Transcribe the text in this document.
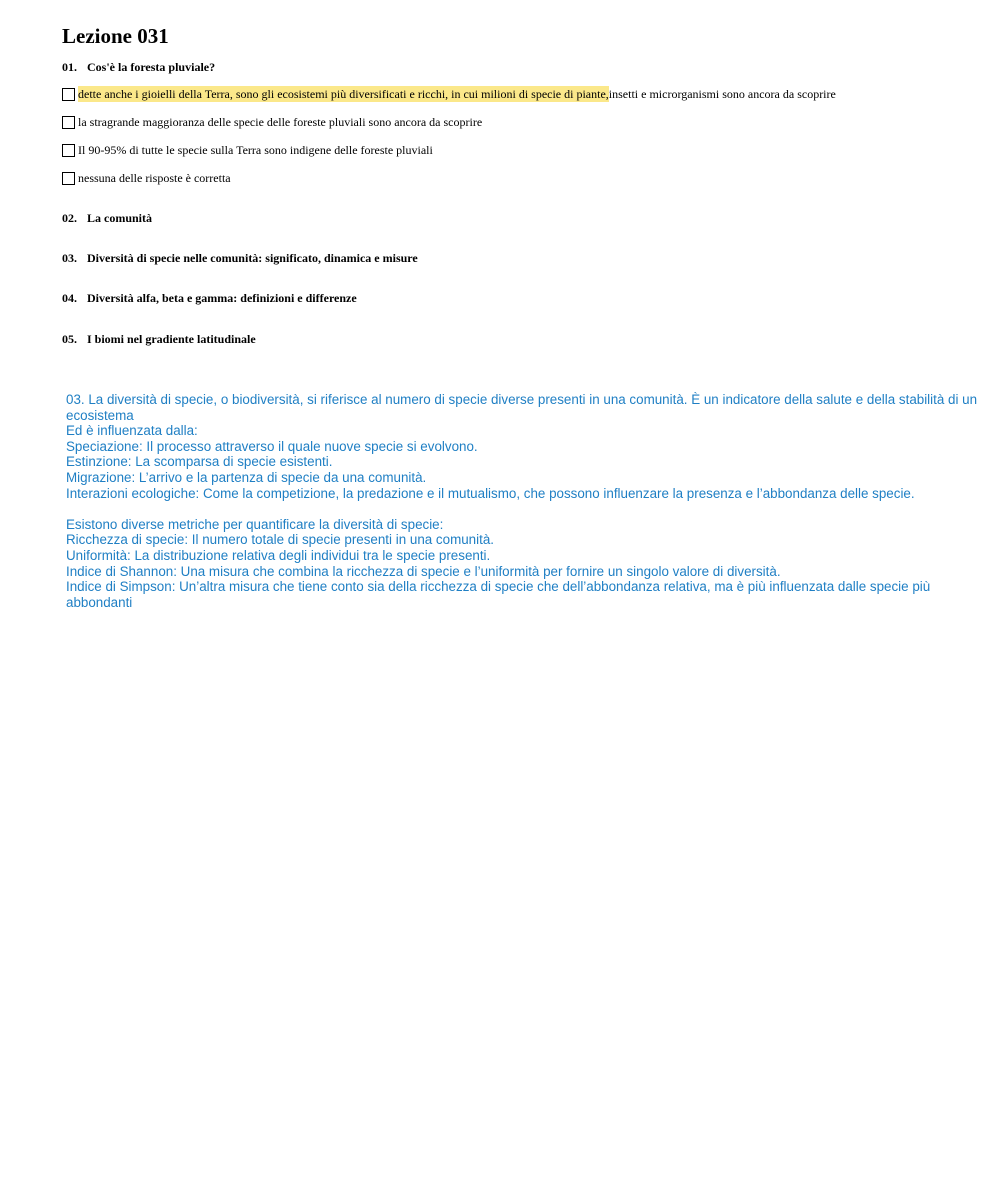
Lezione 031
01. Cos'è la foresta pluviale?
dette anche i gioielli della Terra, sono gli ecosistemi più diversificati e ricchi, in cui milioni di specie di piante, insetti e microrganismi sono ancora da scoprire
la stragrande maggioranza delle specie delle foreste pluviali sono ancora da scoprire
Il 90-95% di tutte le specie sulla Terra sono indigene delle foreste pluviali
nessuna delle risposte è corretta
02. La comunità
03. Diversità di specie nelle comunità: significato, dinamica e misure
04. Diversità alfa, beta e gamma: definizioni e differenze
05. I biomi nel gradiente latitudinale

03. La diversità di specie, o biodiversità, si riferisce al numero di specie diverse presenti in una comunità. È un indicatore della salute e della stabilità di un ecosistema

Ed è influenzata dalla:

Speciazione: Il processo attraverso il quale nuove specie si evolvono.

Estinzione: La scomparsa di specie esistenti.

Migrazione: L’arrivo e la partenza di specie da una comunità.

Interazioni ecologiche: Come la competizione, la predazione e il mutualismo, che possono influenzare la presenza e l’abbondanza delle specie.

Esistono diverse metriche per quantificare la diversità di specie:

Ricchezza di specie: Il numero totale di specie presenti in una comunità.

Uniformità: La distribuzione relativa degli individui tra le specie presenti.

Indice di Shannon: Una misura che combina la ricchezza di specie e l’uniformità per fornire un singolo valore di diversità.

Indice di Simpson: Un’altra misura che tiene conto sia della ricchezza di specie che dell’abbondanza relativa, ma è più influenzata dalle specie più abbondanti
